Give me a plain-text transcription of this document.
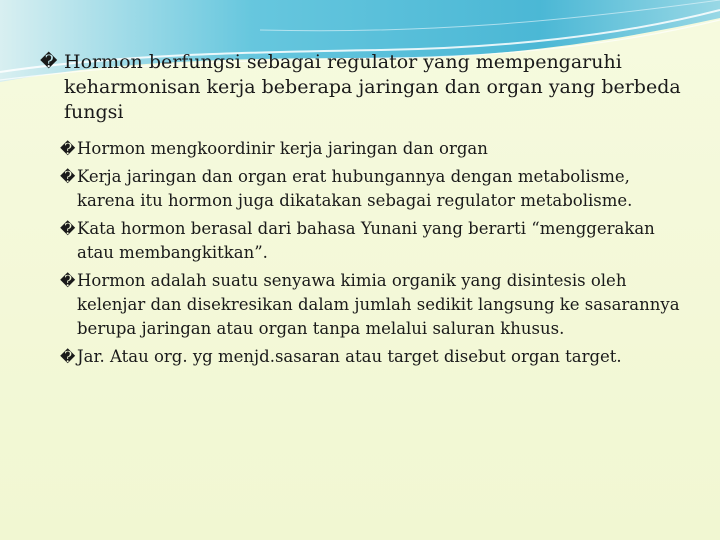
� Hormon berfungsi sebagai regulator yang mempengaruhi keharmonisan kerja beberapa jaringan dan organ yang berbeda fungsi
� Hormon mengkoordinir kerja jaringan dan organ
� Kerja jaringan dan organ erat hubungannya dengan metabolisme, karena itu hormon juga dikatakan sebagai regulator metabolisme.
� Kata hormon berasal dari bahasa Yunani yang berarti “menggerakan atau membangkitkan”.
� Hormon adalah suatu senyawa kimia organik yang disintesis oleh kelenjar dan disekresikan dalam jumlah sedikit langsung ke sasarannya berupa jaringan atau organ tanpa melalui saluran khusus.
� Jar. Atau org. yg menjd.sasaran atau target disebut organ target.
